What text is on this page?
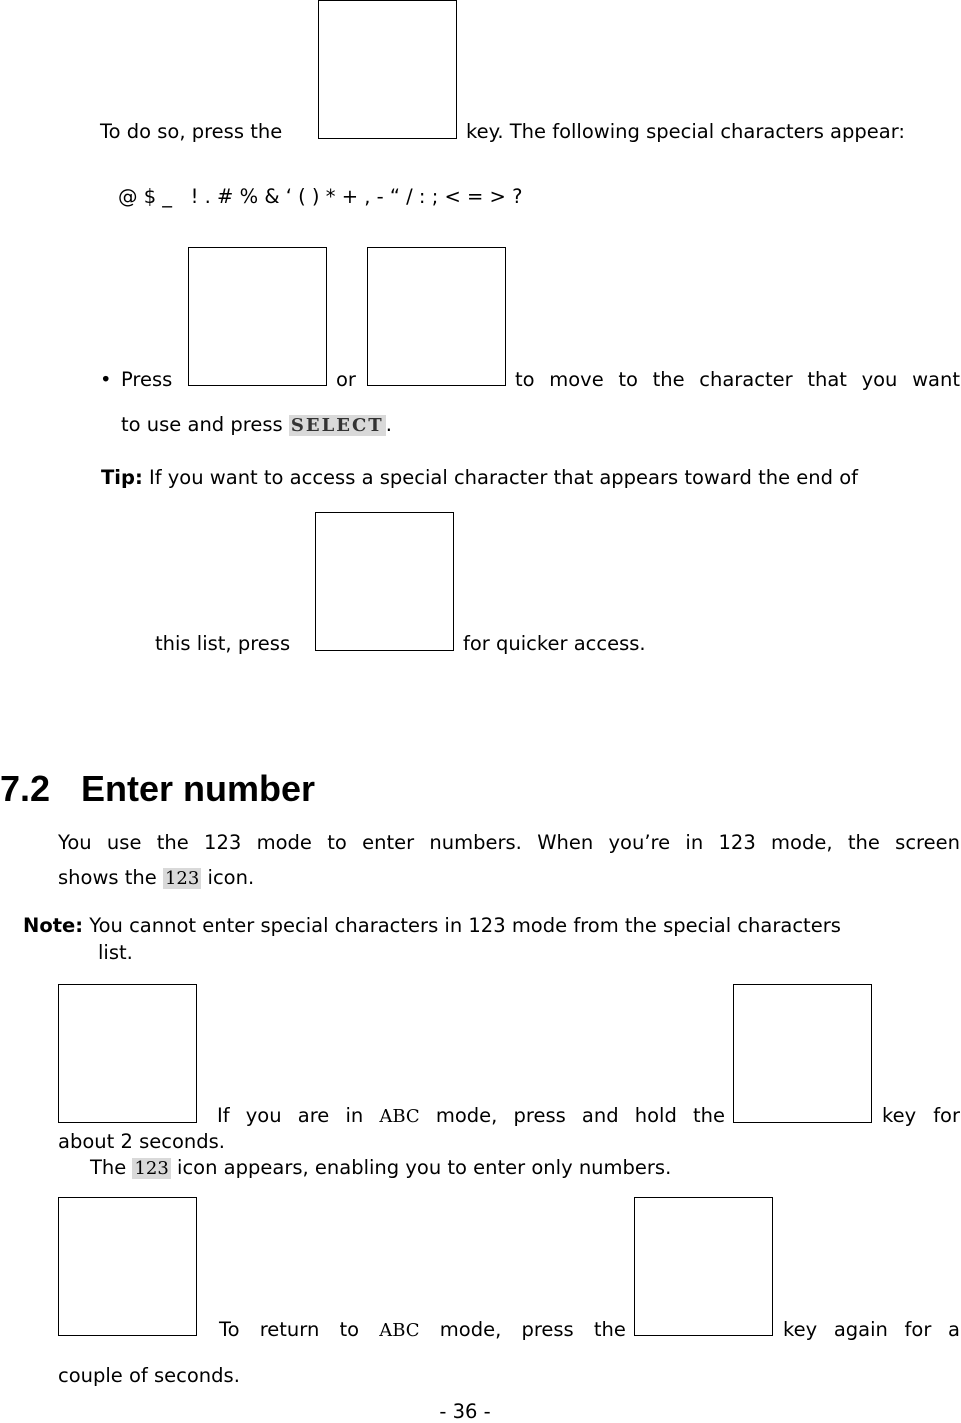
To do so, press the	key. The following special characters appear:
@ $ _   ! . # % & ‘ ( ) * + , - “ / : ; < = > ?
• Press	or	to move to the character that you want
to use and press SELECT .
Tip: If you want to access a special character that appears toward the end of
this list, press	for quicker access.
7.2 Enter number
You use the 123 mode to enter numbers. When you’re in 123 mode, the screen
shows the 123 icon.
Note: You cannot enter special characters in 123 mode from the special characters
list.
If you are in ABC mode, press and hold the	key for
about 2 seconds.
The 123 icon appears, enabling you to enter only numbers.
To return to ABC mode, press the	key again for a
couple of seconds.
- 36 -
